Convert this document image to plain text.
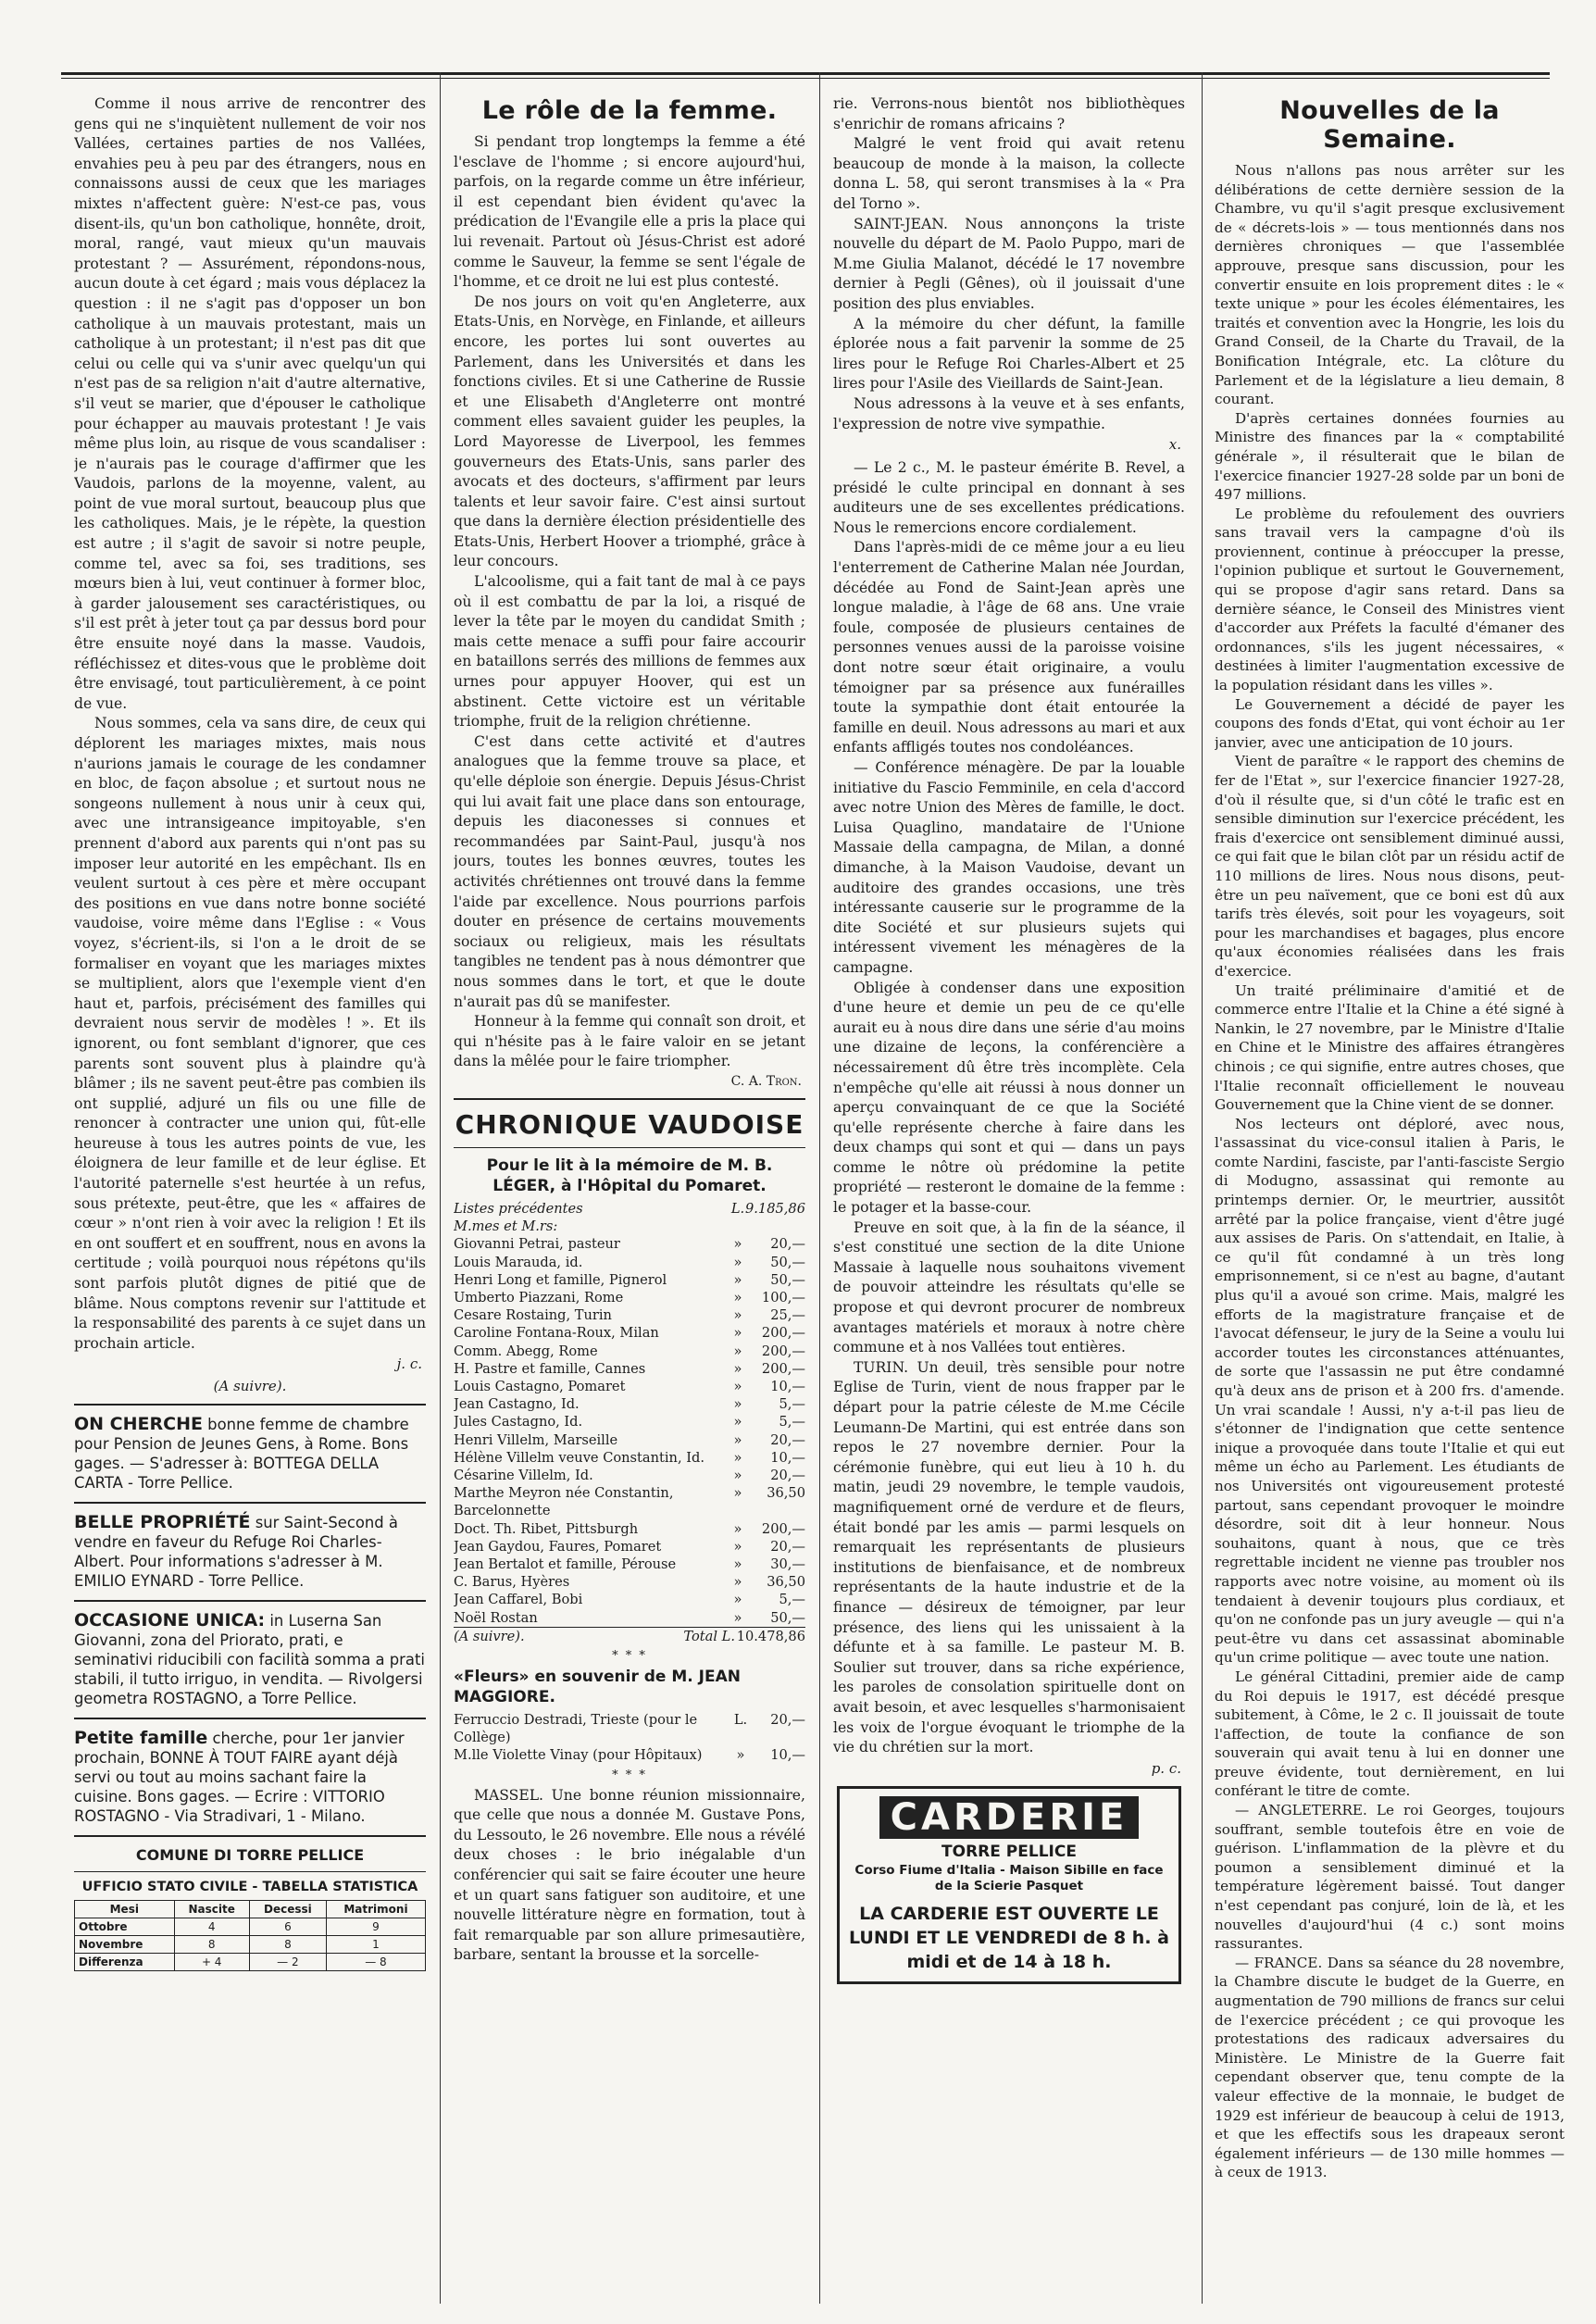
Comme il nous arrive de rencontrer des gens qui ne s'inquiètent nullement de voir nos Vallées, certaines parties de nos Vallées, envahies peu à peu par des étrangers, nous en connaissons aussi de ceux que les mariages mixtes n'affectent guère: N'est-ce pas, vous disent-ils, qu'un bon catholique, honnête, droit, moral, rangé, vaut mieux qu'un mauvais protestant ? — Assurément, répondons-nous, aucun doute à cet égard ; mais vous déplacez la question : il ne s'agit pas d'opposer un bon catholique à un mauvais protestant, mais un catholique à un protestant; il n'est pas dit que celui ou celle qui va s'unir avec quelqu'un qui n'est pas de sa religion n'ait d'autre alternative, s'il veut se marier, que d'épouser le catholique pour échapper au mauvais protestant ! Je vais même plus loin, au risque de vous scandaliser : je n'aurais pas le courage d'affirmer que les Vaudois, parlons de la moyenne, valent, au point de vue moral surtout, beaucoup plus que les catholiques. Mais, je le répète, la question est autre ; il s'agit de savoir si notre peuple, comme tel, avec sa foi, ses traditions, ses mœurs bien à lui, veut continuer à former bloc, à garder jalousement ses caractéristiques, ou s'il est prêt à jeter tout ça par dessus bord pour être ensuite noyé dans la masse. Vaudois, réfléchissez et dites-vous que le problème doit être envisagé, tout particulièrement, à ce point de vue.

Nous sommes, cela va sans dire, de ceux qui déplorent les mariages mixtes, mais nous n'aurions jamais le courage de les condamner en bloc, de façon absolue ; et surtout nous ne songeons nullement à nous unir à ceux qui, avec une intransigeance impitoyable, s'en prennent d'abord aux parents qui n'ont pas su imposer leur autorité en les empêchant. Ils en veulent surtout à ces père et mère occupant des positions en vue dans notre bonne société vaudoise, voire même dans l'Eglise : « Vous voyez, s'écrient-ils, si l'on a le droit de se formaliser en voyant que les mariages mixtes se multiplient, alors que l'exemple vient d'en haut et, parfois, précisément des familles qui devraient nous servir de modèles ! ». Et ils ignorent, ou font semblant d'ignorer, que ces parents sont souvent plus à plaindre qu'à blâmer ; ils ne savent peut-être pas combien ils ont supplié, adjuré un fils ou une fille de renoncer à contracter une union qui, fût-elle heureuse à tous les autres points de vue, les éloignera de leur famille et de leur église. Et l'autorité paternelle s'est heurtée à un refus, sous prétexte, peut-être, que les « affaires de cœur » n'ont rien à voir avec la religion ! Et ils en ont souffert et en souffrent, nous en avons la certitude ; voilà pourquoi nous répétons qu'ils sont parfois plutôt dignes de pitié que de blâme. Nous comptons revenir sur l'attitude et la responsabilité des parents à ce sujet dans un prochain article.

j. c.
(A suivre).

ON CHERCHE bonne femme de chambre pour Pension de Jeunes Gens, à Rome. Bons gages. — S'adresser à: BOTTEGA DELLA CARTA - Torre Pellice.

BELLE PROPRIÉTÉ sur Saint-Second à vendre en faveur du Refuge Roi Charles-Albert. Pour informations s'adresser à M. EMILIO EYNARD - Torre Pellice.

OCCASIONE UNICA: in Luserna San Giovanni, zona del Priorato, prati, e seminativi riducibili con facilità somma a prati stabili, il tutto irriguo, in vendita. — Rivolgersi geometra ROSTAGNO, a Torre Pellice.

Petite famille cherche, pour 1er janvier prochain, BONNE À TOUT FAIRE ayant déjà servi ou tout au moins sachant faire la cuisine. Bons gages. — Ecrire : VITTORIO ROSTAGNO - Via Stradivari, 1 - Milano.

COMUNE DI TORRE PELLICE
UFFICIO STATO CIVILE - TABELLA STATISTICA
Mesi	Nascite	Decessi	Matrimoni
Ottobre	4	6	9
Novembre	8	8	1
Differenza	+ 4	— 2	— 8
Le rôle de la femme.

Si pendant trop longtemps la femme a été l'esclave de l'homme ; si encore aujourd'hui, parfois, on la regarde comme un être inférieur, il est cependant bien évident qu'avec la prédication de l'Evangile elle a pris la place qui lui revenait. Partout où Jésus-Christ est adoré comme le Sauveur, la femme se sent l'égale de l'homme, et ce droit ne lui est plus contesté.

De nos jours on voit qu'en Angleterre, aux Etats-Unis, en Norvège, en Finlande, et ailleurs encore, les portes lui sont ouvertes au Parlement, dans les Universités et dans les fonctions civiles. Et si une Catherine de Russie et une Elisabeth d'Angleterre ont montré comment elles savaient guider les peuples, la Lord Mayoresse de Liverpool, les femmes gouverneurs des Etats-Unis, sans parler des avocats et des docteurs, s'affirment par leurs talents et leur savoir faire. C'est ainsi surtout que dans la dernière élection présidentielle des Etats-Unis, Herbert Hoover a triomphé, grâce à leur concours.

L'alcoolisme, qui a fait tant de mal à ce pays où il est combattu de par la loi, a risqué de lever la tête par le moyen du candidat Smith ; mais cette menace a suffi pour faire accourir en bataillons serrés des millions de femmes aux urnes pour appuyer Hoover, qui est un abstinent. Cette victoire est un véritable triomphe, fruit de la religion chrétienne.

C'est dans cette activité et d'autres analogues que la femme trouve sa place, et qu'elle déploie son énergie. Depuis Jésus-Christ qui lui avait fait une place dans son entourage, depuis les diaconesses si connues et recommandées par Saint-Paul, jusqu'à nos jours, toutes les bonnes œuvres, toutes les activités chrétiennes ont trouvé dans la femme l'aide par excellence. Nous pourrions parfois douter en présence de certains mouvements sociaux ou religieux, mais les résultats tangibles ne tendent pas à nous démontrer que nous sommes dans le tort, et que le doute n'aurait pas dû se manifester.

Honneur à la femme qui connaît son droit, et qui n'hésite pas à le faire valoir en se jetant dans la mêlée pour le faire triompher.

C. A. Tron.
CHRONIQUE VAUDOISE
Pour le lit à la mémoire de M. B. LÉGER, à l'Hôpital du Pomaret.
Listes précédentes	L.	9.185,86
M.mes et M.rs:		
Giovanni Petrai, pasteur	»	20,—
Louis Marauda, id.	»	50,—
Henri Long et famille, Pignerol	»	50,—
Umberto Piazzani, Rome	»	100,—
Cesare Rostaing, Turin	»	25,—
Caroline Fontana-Roux, Milan	»	200,—
Comm. Abegg, Rome	»	200,—
H. Pastre et famille, Cannes	»	200,—
Louis Castagno, Pomaret	»	10,—
Jean Castagno, Id.	»	5,—
Jules Castagno, Id.	»	5,—
Henri Villelm, Marseille	»	20,—
Hélène Villelm veuve Constantin, Id.	»	10,—
Césarine Villelm, Id.	»	20,—
Marthe Meyron née Constantin, Barcelonnette	»	36,50
Doct. Th. Ribet, Pittsburgh	»	200,—
Jean Gaydou, Faures, Pomaret	»	20,—
Jean Bertalot et famille, Pérouse	»	30,—
C. Barus, Hyères	»	36,50
Jean Caffarel, Bobi	»	5,—
Noël Rostan	»	50,—
(A suivre).	Total L.	10.478,86
* * *
«Fleurs» en souvenir de M. JEAN MAGGIORE.
Ferruccio Destradi, Trieste (pour le Collège)	L.	20,—
M.lle Violette Vinay (pour Hôpitaux)	»	10,—
* * *

MASSEL. Une bonne réunion missionnaire, que celle que nous a donnée M. Gustave Pons, du Lessouto, le 26 novembre. Elle nous a révélé deux choses : le brio inégalable d'un conférencier qui sait se faire écouter une heure et un quart sans fatiguer son auditoire, et une nouvelle littérature nègre en formation, tout à fait remarquable par son allure primesautière, barbare, sentant la brousse et la sorcelle-

rie. Verrons-nous bientôt nos bibliothèques s'enrichir de romans africains ?

Malgré le vent froid qui avait retenu beaucoup de monde à la maison, la collecte donna L. 58, qui seront transmises à la « Pra del Torno ».

SAINT-JEAN. Nous annonçons la triste nouvelle du départ de M. Paolo Puppo, mari de M.me Giulia Malanot, décédé le 17 novembre dernier à Pegli (Gênes), où il jouissait d'une position des plus enviables.

A la mémoire du cher défunt, la famille éplorée nous a fait parvenir la somme de 25 lires pour le Refuge Roi Charles-Albert et 25 lires pour l'Asile des Vieillards de Saint-Jean.

Nous adressons à la veuve et à ses enfants, l'expression de notre vive sympathie.

x.

— Le 2 c., M. le pasteur émérite B. Revel, a présidé le culte principal en donnant à ses auditeurs une de ses excellentes prédications. Nous le remercions encore cordialement.

Dans l'après-midi de ce même jour a eu lieu l'enterrement de Catherine Malan née Jourdan, décédée au Fond de Saint-Jean après une longue maladie, à l'âge de 68 ans. Une vraie foule, composée de plusieurs centaines de personnes venues aussi de la paroisse voisine dont notre sœur était originaire, a voulu témoigner par sa présence aux funérailles toute la sympathie dont était entourée la famille en deuil. Nous adressons au mari et aux enfants affligés toutes nos condoléances.

— Conférence ménagère. De par la louable initiative du Fascio Femminile, en cela d'accord avec notre Union des Mères de famille, le doct. Luisa Quaglino, mandataire de l'Unione Massaie della campagna, de Milan, a donné dimanche, à la Maison Vaudoise, devant un auditoire des grandes occasions, une très intéressante causerie sur le programme de la dite Société et sur plusieurs sujets qui intéressent vivement les ménagères de la campagne.

Obligée à condenser dans une exposition d'une heure et demie un peu de ce qu'elle aurait eu à nous dire dans une série d'au moins une dizaine de leçons, la conférencière a nécessairement dû être très incomplète. Cela n'empêche qu'elle ait réussi à nous donner un aperçu convainquant de ce que la Société qu'elle représente cherche à faire dans les deux champs qui sont et qui — dans un pays comme le nôtre où prédomine la petite propriété — resteront le domaine de la femme : le potager et la basse-cour.

Preuve en soit que, à la fin de la séance, il s'est constitué une section de la dite Unione Massaie à laquelle nous souhaitons vivement de pouvoir atteindre les résultats qu'elle se propose et qui devront procurer de nombreux avantages matériels et moraux à notre chère commune et à nos Vallées tout entières.

TURIN. Un deuil, très sensible pour notre Eglise de Turin, vient de nous frapper par le départ pour la patrie céleste de M.me Cécile Leumann-De Martini, qui est entrée dans son repos le 27 novembre dernier. Pour la cérémonie funèbre, qui eut lieu à 10 h. du matin, jeudi 29 novembre, le temple vaudois, magnifiquement orné de verdure et de fleurs, était bondé par les amis — parmi lesquels on remarquait les représentants de plusieurs institutions de bienfaisance, et de nombreux représentants de la haute industrie et de la finance — désireux de témoigner, par leur présence, des liens qui les unissaient à la défunte et à sa famille. Le pasteur M. B. Soulier sut trouver, dans sa riche expérience, les paroles de consolation spirituelle dont on avait besoin, et avec lesquelles s'harmonisaient les voix de l'orgue évoquant le triomphe de la vie du chrétien sur la mort.

p. c.
CARDERIE
TORRE PELLICE
Corso Fiume d'Italia - Maison Sibille en face de la Scierie Pasquet
LA CARDERIE EST OUVERTE LE LUNDI ET LE VENDREDI de 8 h. à midi et de 14 à 18 h.
Nouvelles de la Semaine.

Nous n'allons pas nous arrêter sur les délibérations de cette dernière session de la Chambre, vu qu'il s'agit presque exclusivement de « décrets-lois » — tous mentionnés dans nos dernières chroniques — que l'assemblée approuve, presque sans discussion, pour les convertir ensuite en lois proprement dites : le « texte unique » pour les écoles élémentaires, les traités et convention avec la Hongrie, les lois du Grand Conseil, de la Charte du Travail, de la Bonification Intégrale, etc. La clôture du Parlement et de la législature a lieu demain, 8 courant.

D'après certaines données fournies au Ministre des finances par la « comptabilité générale », il résulterait que le bilan de l'exercice financier 1927-28 solde par un boni de 497 millions.

Le problème du refoulement des ouvriers sans travail vers la campagne d'où ils proviennent, continue à préoccuper la presse, l'opinion publique et surtout le Gouvernement, qui se propose d'agir sans retard. Dans sa dernière séance, le Conseil des Ministres vient d'accorder aux Préfets la faculté d'émaner des ordonnances, s'ils les jugent nécessaires, « destinées à limiter l'augmentation excessive de la population résidant dans les villes ».

Le Gouvernement a décidé de payer les coupons des fonds d'Etat, qui vont échoir au 1er janvier, avec une anticipation de 10 jours.

Vient de paraître « le rapport des chemins de fer de l'Etat », sur l'exercice financier 1927-28, d'où il résulte que, si d'un côté le trafic est en sensible diminution sur l'exercice précédent, les frais d'exercice ont sensiblement diminué aussi, ce qui fait que le bilan clôt par un résidu actif de 110 millions de lires. Nous nous disons, peut-être un peu naïvement, que ce boni est dû aux tarifs très élevés, soit pour les voyageurs, soit pour les marchandises et bagages, plus encore qu'aux économies réalisées dans les frais d'exercice.

Un traité préliminaire d'amitié et de commerce entre l'Italie et la Chine a été signé à Nankin, le 27 novembre, par le Ministre d'Italie en Chine et le Ministre des affaires étrangères chinois ; ce qui signifie, entre autres choses, que l'Italie reconnaît officiellement le nouveau Gouvernement que la Chine vient de se donner.

Nos lecteurs ont déploré, avec nous, l'assassinat du vice-consul italien à Paris, le comte Nardini, fasciste, par l'anti-fasciste Sergio di Modugno, assassinat qui remonte au printemps dernier. Or, le meurtrier, aussitôt arrêté par la police française, vient d'être jugé aux assises de Paris. On s'attendait, en Italie, à ce qu'il fût condamné à un très long emprisonnement, si ce n'est au bagne, d'autant plus qu'il a avoué son crime. Mais, malgré les efforts de la magistrature française et de l'avocat défenseur, le jury de la Seine a voulu lui accorder toutes les circonstances atténuantes, de sorte que l'assassin ne put être condamné qu'à deux ans de prison et à 200 frs. d'amende. Un vrai scandale ! Aussi, n'y a-t-il pas lieu de s'étonner de l'indignation que cette sentence inique a provoquée dans toute l'Italie et qui eut même un écho au Parlement. Les étudiants de nos Universités ont vigoureusement protesté partout, sans cependant provoquer le moindre désordre, soit dit à leur honneur. Nous souhaitons, quant à nous, que ce très regrettable incident ne vienne pas troubler nos rapports avec notre voisine, au moment où ils tendaient à devenir toujours plus cordiaux, et qu'on ne confonde pas un jury aveugle — qui n'a peut-être vu dans cet assassinat abominable qu'un crime politique — avec toute une nation.

Le général Cittadini, premier aide de camp du Roi depuis le 1917, est décédé presque subitement, à Côme, le 2 c. Il jouissait de toute l'affection, de toute la confiance de son souverain qui avait tenu à lui en donner une preuve évidente, tout dernièrement, en lui conférant le titre de comte.

— ANGLETERRE. Le roi Georges, toujours souffrant, semble toutefois être en voie de guérison. L'inflammation de la plèvre et du poumon a sensiblement diminué et la température légèrement baissé. Tout danger n'est cependant pas conjuré, loin de là, et les nouvelles d'aujourd'hui (4 c.) sont moins rassurantes.

— FRANCE. Dans sa séance du 28 novembre, la Chambre discute le budget de la Guerre, en augmentation de 790 millions de francs sur celui de l'exercice précédent ; ce qui provoque les protestations des radicaux adversaires du Ministère. Le Ministre de la Guerre fait cependant observer que, tenu compte de la valeur effective de la monnaie, le budget de 1929 est inférieur de beaucoup à celui de 1913, et que les effectifs sous les drapeaux seront également inférieurs — de 130 mille hommes — à ceux de 1913.
